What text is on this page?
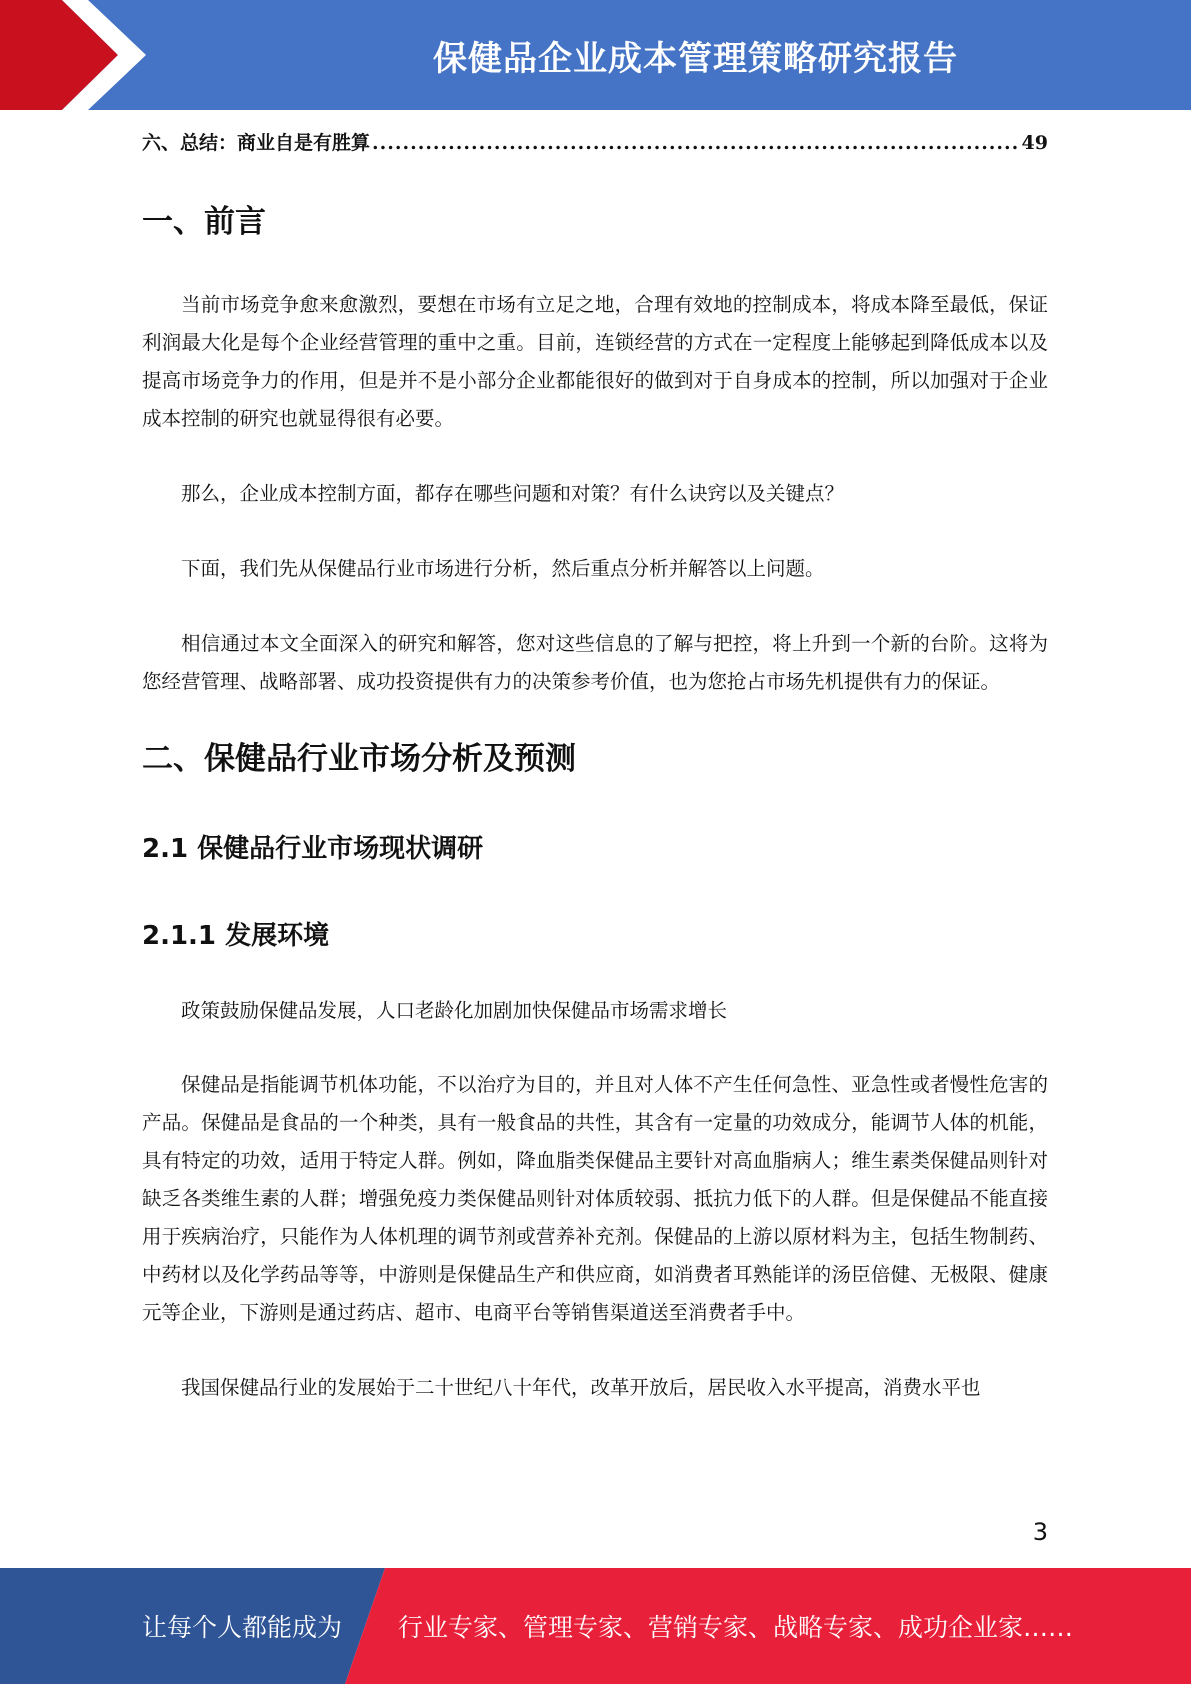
保健品企业成本管理策略研究报告
六、总结：商业自是有胜算
.....	49
一、前言

当前市场竞争愈来愈激烈，要想在市场有立足之地，合理有效地的控制成本，将成本降至最低，保证利润最大化是每个企业经营管理的重中之重。目前，连锁经营的方式在一定程度上能够起到降低成本以及提高市场竞争力的作用，但是并不是小部分企业都能很好的做到对于自身成本的控制，所以加强对于企业成本控制的研究也就显得很有必要。

那么，企业成本控制方面，都存在哪些问题和对策？有什么诀窍以及关键点？

下面，我们先从保健品行业市场进行分析，然后重点分析并解答以上问题。

相信通过本文全面深入的研究和解答，您对这些信息的了解与把控，将上升到一个新的台阶。这将为您经营管理、战略部署、成功投资提供有力的决策参考价值，也为您抢占市场先机提供有力的保证。

二、保健品行业市场分析及预测
2.1 保健品行业市场现状调研
2.1.1 发展环境

政策鼓励保健品发展，人口老龄化加剧加快保健品市场需求增长

保健品是指能调节机体功能，不以治疗为目的，并且对人体不产生任何急性、亚急性或者慢性危害的产品。保健品是食品的一个种类，具有一般食品的共性，其含有一定量的功效成分，能调节人体的机能，具有特定的功效，适用于特定人群。例如，降血脂类保健品主要针对高血脂病人；维生素类保健品则针对缺乏各类维生素的人群；增强免疫力类保健品则针对体质较弱、抵抗力低下的人群。但是保健品不能直接用于疾病治疗，只能作为人体机理的调节剂或营养补充剂。保健品的上游以原材料为主，包括生物制药、中药材以及化学药品等等，中游则是保健品生产和供应商，如消费者耳熟能详的汤臣倍健、无极限、健康元等企业，下游则是通过药店、超市、电商平台等销售渠道送至消费者手中。

我国保健品行业的发展始于二十世纪八十年代，改革开放后，居民收入水平提高，消费水平也

3
让每个人都能成为 行业专家、管理专家、营销专家、战略专家、成功企业家……
